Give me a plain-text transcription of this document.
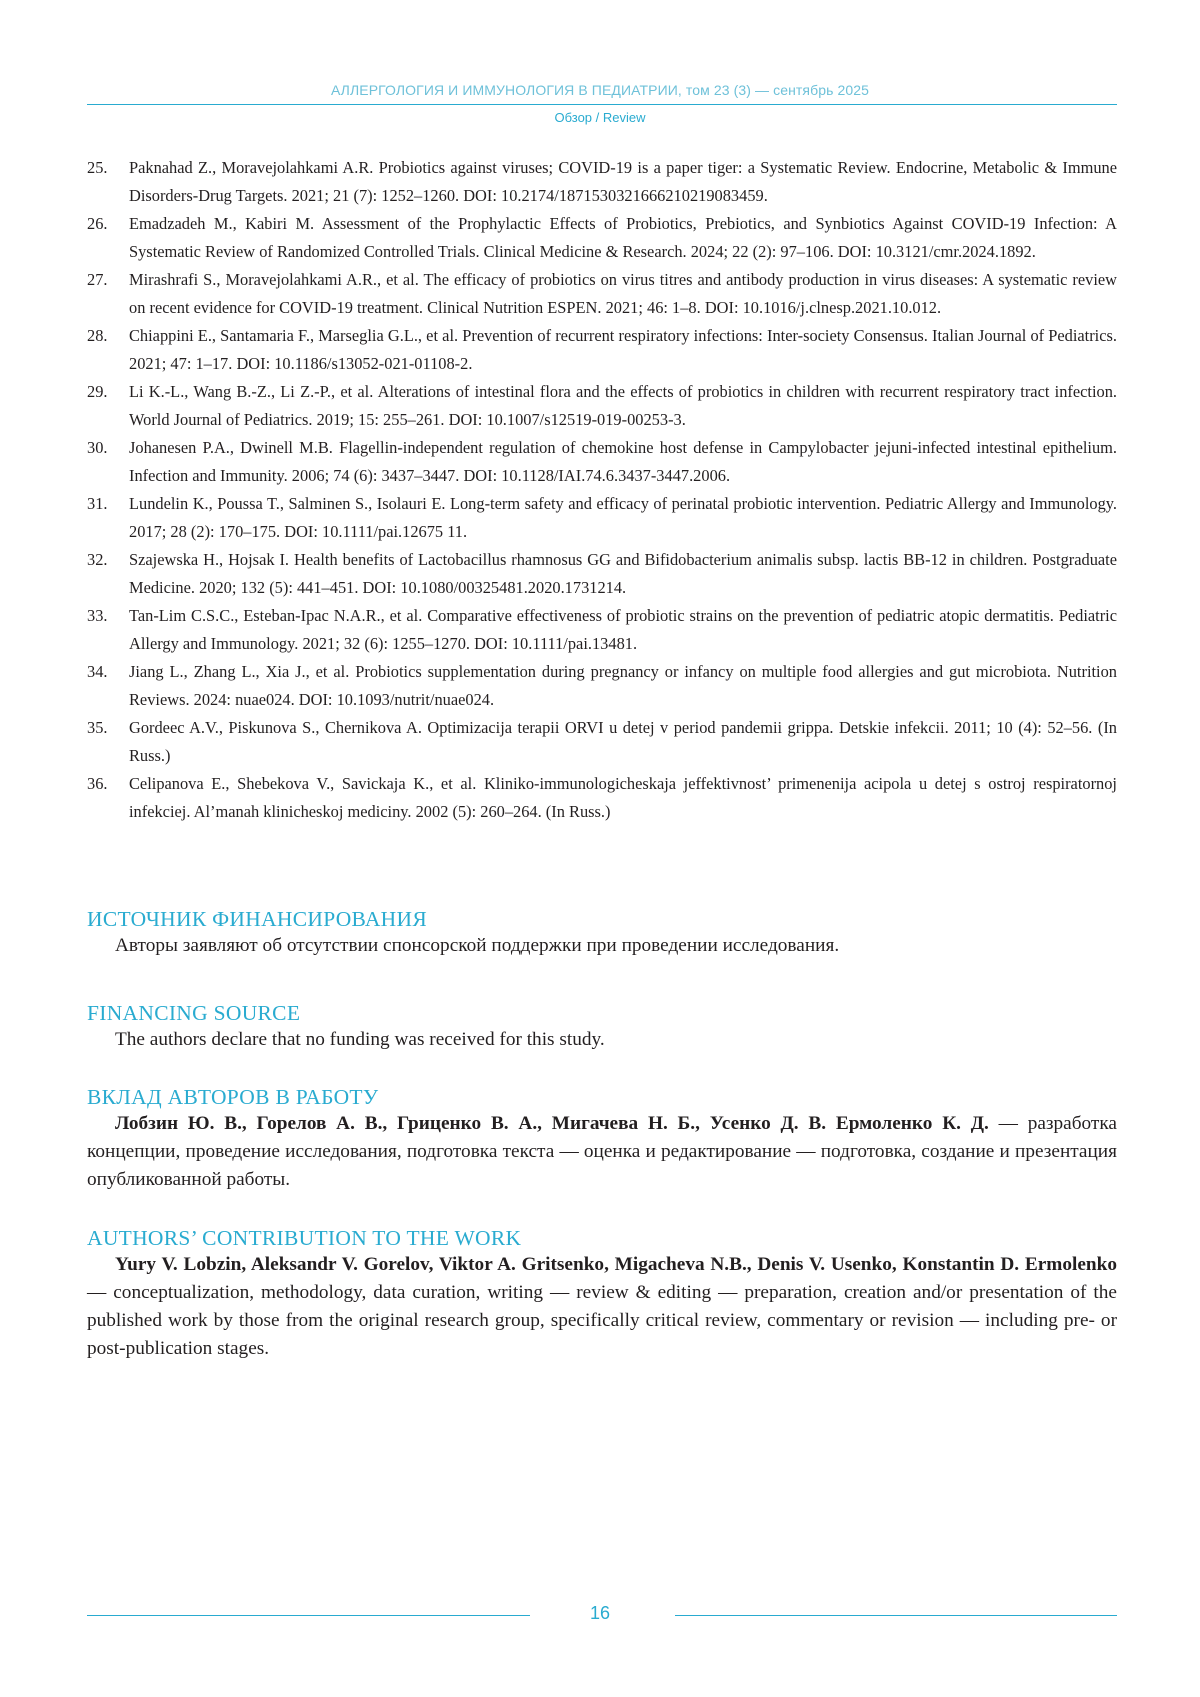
АЛЛЕРГОЛОГИЯ И ИММУНОЛОГИЯ В ПЕДИАТРИИ, том 23 (3) — сентябрь 2025
Обзор / Review
25.	Paknahad Z., Moravejolahkami A.R. Probiotics against viruses; COVID-19 is a paper tiger: a Systematic Review. Endocrine, Metabolic & Immune Disorders-Drug Targets. 2021; 21 (7): 1252–1260. DOI: 10.2174/1871530321666210219083459.
26.	Emadzadeh M., Kabiri M. Assessment of the Prophylactic Effects of Probiotics, Prebiotics, and Synbiotics Against COVID-19 Infection: A Systematic Review of Randomized Controlled Trials. Clinical Medicine & Research. 2024; 22 (2): 97–106. DOI: 10.3121/cmr.2024.1892.
27.	Mirashrafi S., Moravejolahkami A.R., et al. The efficacy of probiotics on virus titres and antibody production in virus diseases: A systematic review on recent evidence for COVID-19 treatment. Clinical Nutrition ESPEN. 2021; 46: 1–8. DOI: 10.1016/j.clnesp.2021.10.012.
28.	Chiappini E., Santamaria F., Marseglia G.L., et al. Prevention of recurrent respiratory infections: Inter-society Consensus. Italian Journal of Pediatrics. 2021; 47: 1–17. DOI: 10.1186/s13052-021-01108-2.
29.	Li K.-L., Wang B.-Z., Li Z.-P., et al. Alterations of intestinal flora and the effects of probiotics in children with recurrent respiratory tract infection. World Journal of Pediatrics. 2019; 15: 255–261. DOI: 10.1007/s12519-019-00253-3.
30.	Johanesen P.A., Dwinell M.B. Flagellin-independent regulation of chemokine host defense in Campylobacter jejuni-infected intestinal epithelium. Infection and Immunity. 2006; 74 (6): 3437–3447. DOI: 10.1128/IAI.74.6.3437-3447.2006.
31.	Lundelin K., Poussa T., Salminen S., Isolauri E. Long-term safety and efficacy of perinatal probiotic intervention. Pediatric Allergy and Immunology. 2017; 28 (2): 170–175. DOI: 10.1111/pai.12675 11.
32.	Szajewska H., Hojsak I. Health benefits of Lactobacillus rhamnosus GG and Bifidobacterium animalis subsp. lactis BB-12 in children. Postgraduate Medicine. 2020; 132 (5): 441–451. DOI: 10.1080/00325481.2020.1731214.
33.	Tan-Lim C.S.C., Esteban-Ipac N.A.R., et al. Comparative effectiveness of probiotic strains on the prevention of pediatric atopic dermatitis. Pediatric Allergy and Immunology. 2021; 32 (6): 1255–1270. DOI: 10.1111/pai.13481.
34.	Jiang L., Zhang L., Xia J., et al. Probiotics supplementation during pregnancy or infancy on multiple food allergies and gut microbiota. Nutrition Reviews. 2024: nuae024. DOI: 10.1093/nutrit/nuae024.
35.	Gordeec A.V., Piskunova S., Chernikova A. Optimizacija terapii ORVI u detej v period pandemii grippa. Detskie infekcii. 2011; 10 (4): 52–56. (In Russ.)
36.	Celipanova E., Shebekova V., Savickaja K., et al. Kliniko-immunologicheskaja jeffektivnost’ primenenija acipola u detej s ostroj respiratornoj infekciej. Al’manah klinicheskoj mediciny. 2002 (5): 260–264. (In Russ.)
ИСТОЧНИК ФИНАНСИРОВАНИЯ
Авторы заявляют об отсутствии спонсорской поддержки при проведении исследования.
FINANCING SOURCE
The authors declare that no funding was received for this study.
ВКЛАД АВТОРОВ В РАБОТУ
Лобзин Ю. В., Горелов А. В., Гриценко В. А., Мигачева Н. Б., Усенко Д. В. Ермоленко К. Д. — разработка концепции, проведение исследования, подготовка текста — оценка и редактирование — подготовка, создание и презентация опубликованной работы.
AUTHORS’ CONTRIBUTION TO THE WORK
Yury V. Lobzin, Aleksandr V. Gorelov, Viktor A. Gritsenko, Migacheva N.B., Denis V. Usenko, Konstantin D. Ermolenko — conceptualization, methodology, data curation, writing — review & editing — preparation, creation and/or presentation of the published work by those from the original research group, specifically critical review, commentary or revision — including pre- or post-publication stages.
16
